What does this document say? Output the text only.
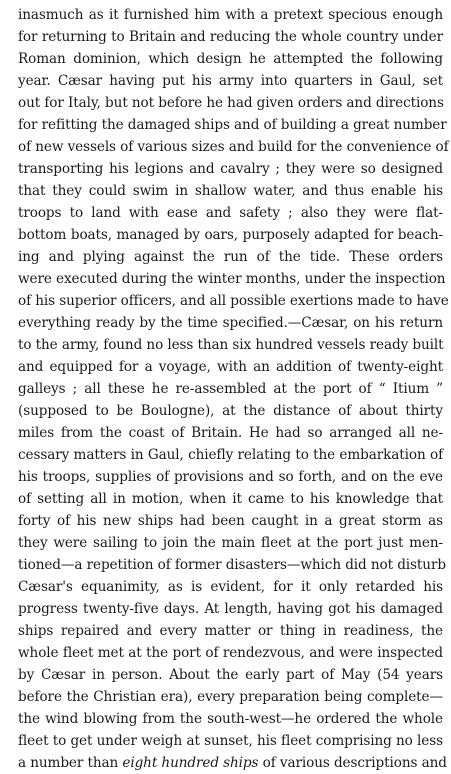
inasmuch as it furnished him with a pretext specious enough
for returning to Britain and reducing the whole country under
Roman dominion, which design he attempted the following
year. Cæsar having put his army into quarters in Gaul, set
out for Italy, but not before he had given orders and directions
for refitting the damaged ships and of building a great number
of new vessels of various sizes and build for the convenience of
transporting his legions and cavalry ; they were so designed
that they could swim in shallow water, and thus enable his
troops to land with ease and safety ; also they were flat-
bottom boats, managed by oars, purposely adapted for beach-
ing and plying against the run of the tide. These orders
were executed during the winter months, under the inspection
of his superior officers, and all possible exertions made to have
everything ready by the time specified.—Cæsar, on his return
to the army, found no less than six hundred vessels ready built
and equipped for a voyage, with an addition of twenty-eight
galleys ; all these he re-assembled at the port of “ Itium ”
(supposed to be Boulogne), at the distance of about thirty
miles from the coast of Britain. He had so arranged all ne-
cessary matters in Gaul, chiefly relating to the embarkation of
his troops, supplies of provisions and so forth, and on the eve
of setting all in motion, when it came to his knowledge that
forty of his new ships had been caught in a great storm as
they were sailing to join the main fleet at the port just men-
tioned—a repetition of former disasters—which did not disturb
Cæsar's equanimity, as is evident, for it only retarded his
progress twenty-five days. At length, having got his damaged
ships repaired and every matter or thing in readiness, the
whole fleet met at the port of rendezvous, and were inspected
by Cæsar in person. About the early part of May (54 years
before the Christian era), every preparation being complete—
the wind blowing from the south-west—he ordered the whole
fleet to get under weigh at sunset, his fleet comprising no less
a number than eight hundred ships of various descriptions and
